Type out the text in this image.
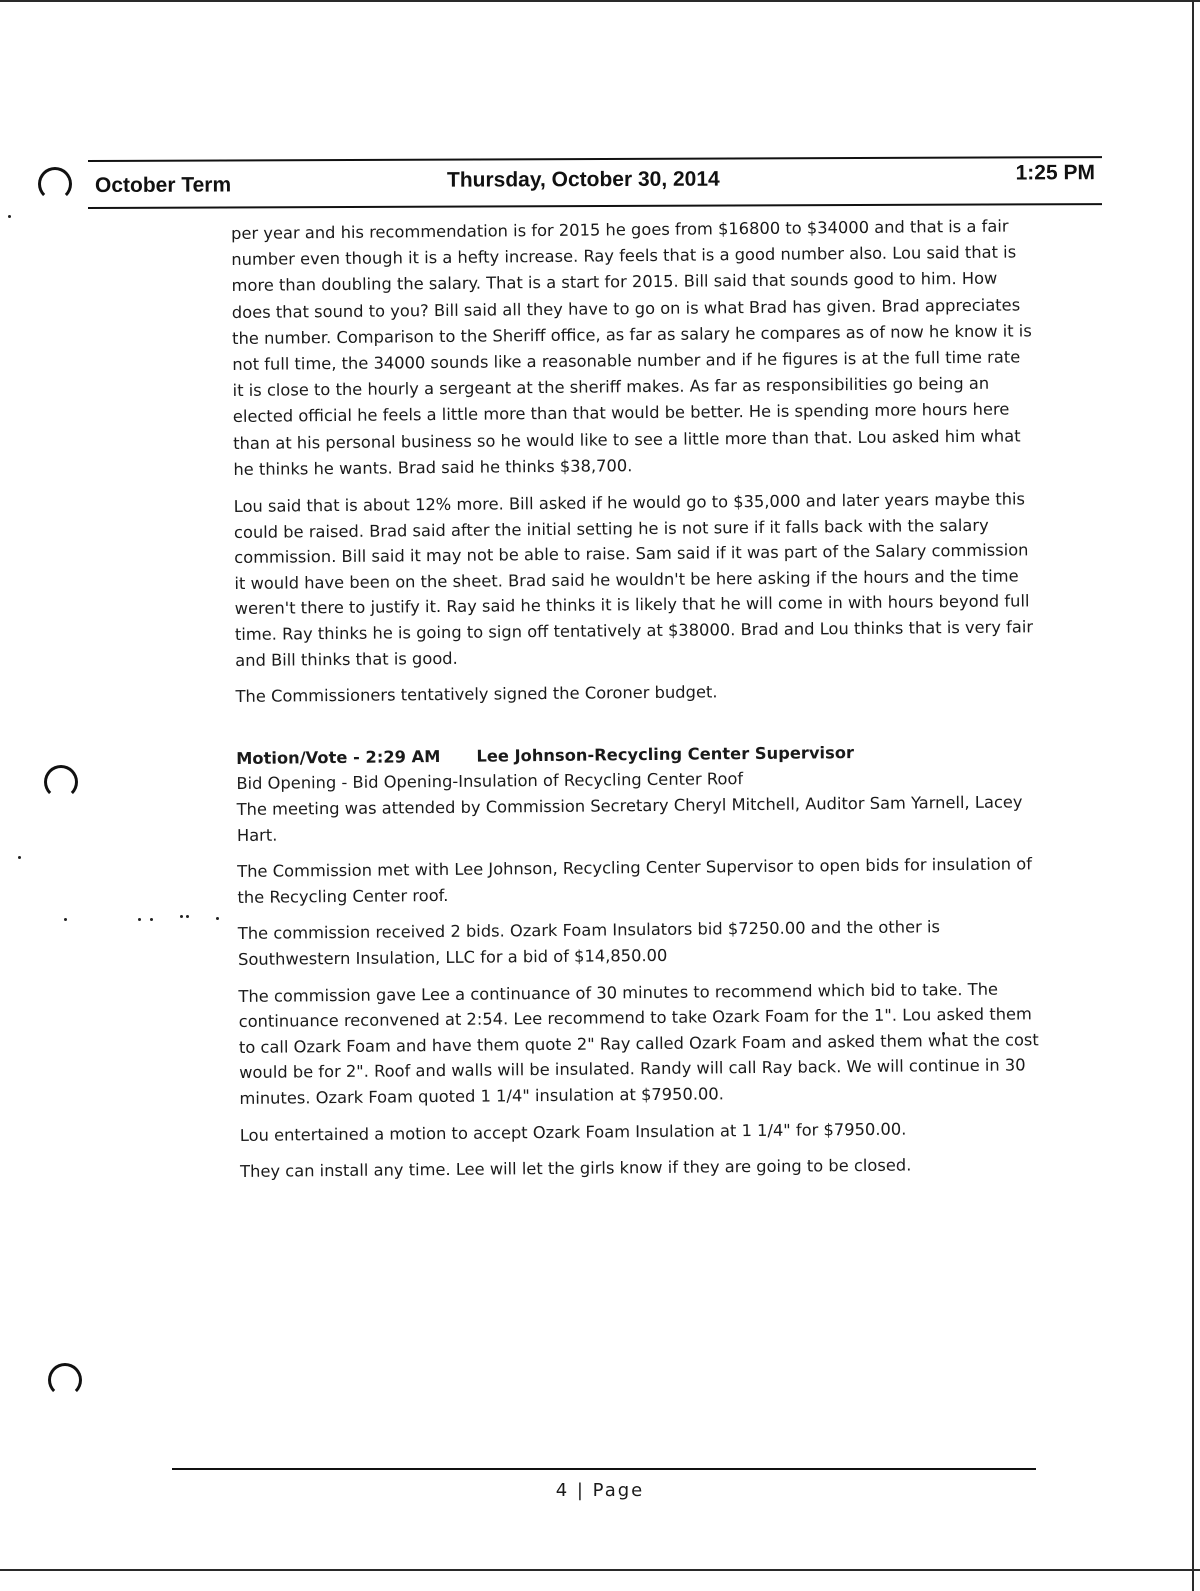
October Term	Thursday, October 30, 2014	1:25 PM

per year and his recommendation is for 2015 he goes from $16800 to $34000 and that is a fair number even though it is a hefty increase. Ray feels that is a good number also. Lou said that is more than doubling the salary. That is a start for 2015. Bill said that sounds good to him. How does that sound to you? Bill said all they have to go on is what Brad has given. Brad appreciates the number. Comparison to the Sheriff office, as far as salary he compares as of now he know it is not full time, the 34000 sounds like a reasonable number and if he figures is at the full time rate it is close to the hourly a sergeant at the sheriff makes. As far as responsibilities go being an elected official he feels a little more than that would be better. He is spending more hours here than at his personal business so he would like to see a little more than that. Lou asked him what he thinks he wants. Brad said he thinks $38,700.

Lou said that is about 12% more. Bill asked if he would go to $35,000 and later years maybe this could be raised. Brad said after the initial setting he is not sure if it falls back with the salary commission. Bill said it may not be able to raise. Sam said if it was part of the Salary commission it would have been on the sheet. Brad said he wouldn't be here asking if the hours and the time weren't there to justify it. Ray said he thinks it is likely that he will come in with hours beyond full time. Ray thinks he is going to sign off tentatively at $38000. Brad and Lou thinks that is very fair and Bill thinks that is good.

The Commissioners tentatively signed the Coroner budget.

Motion/Vote - 2:29 AM Lee Johnson-Recycling Center Supervisor

Bid Opening - Bid Opening-Insulation of Recycling Center Roof

The meeting was attended by Commission Secretary Cheryl Mitchell, Auditor Sam Yarnell, Lacey Hart.

The Commission met with Lee Johnson, Recycling Center Supervisor to open bids for insulation of the Recycling Center roof.

The commission received 2 bids. Ozark Foam Insulators bid $7250.00 and the other is Southwestern Insulation, LLC for a bid of $14,850.00

The commission gave Lee a continuance of 30 minutes to recommend which bid to take. The continuance reconvened at 2:54. Lee recommend to take Ozark Foam for the 1". Lou asked them to call Ozark Foam and have them quote 2" Ray called Ozark Foam and asked them what the cost would be for 2". Roof and walls will be insulated. Randy will call Ray back. We will continue in 30 minutes. Ozark Foam quoted 1 1/4" insulation at $7950.00.

Lou entertained a motion to accept Ozark Foam Insulation at 1 1/4" for $7950.00.

They can install any time. Lee will let the girls know if they are going to be closed.

4 | Page
